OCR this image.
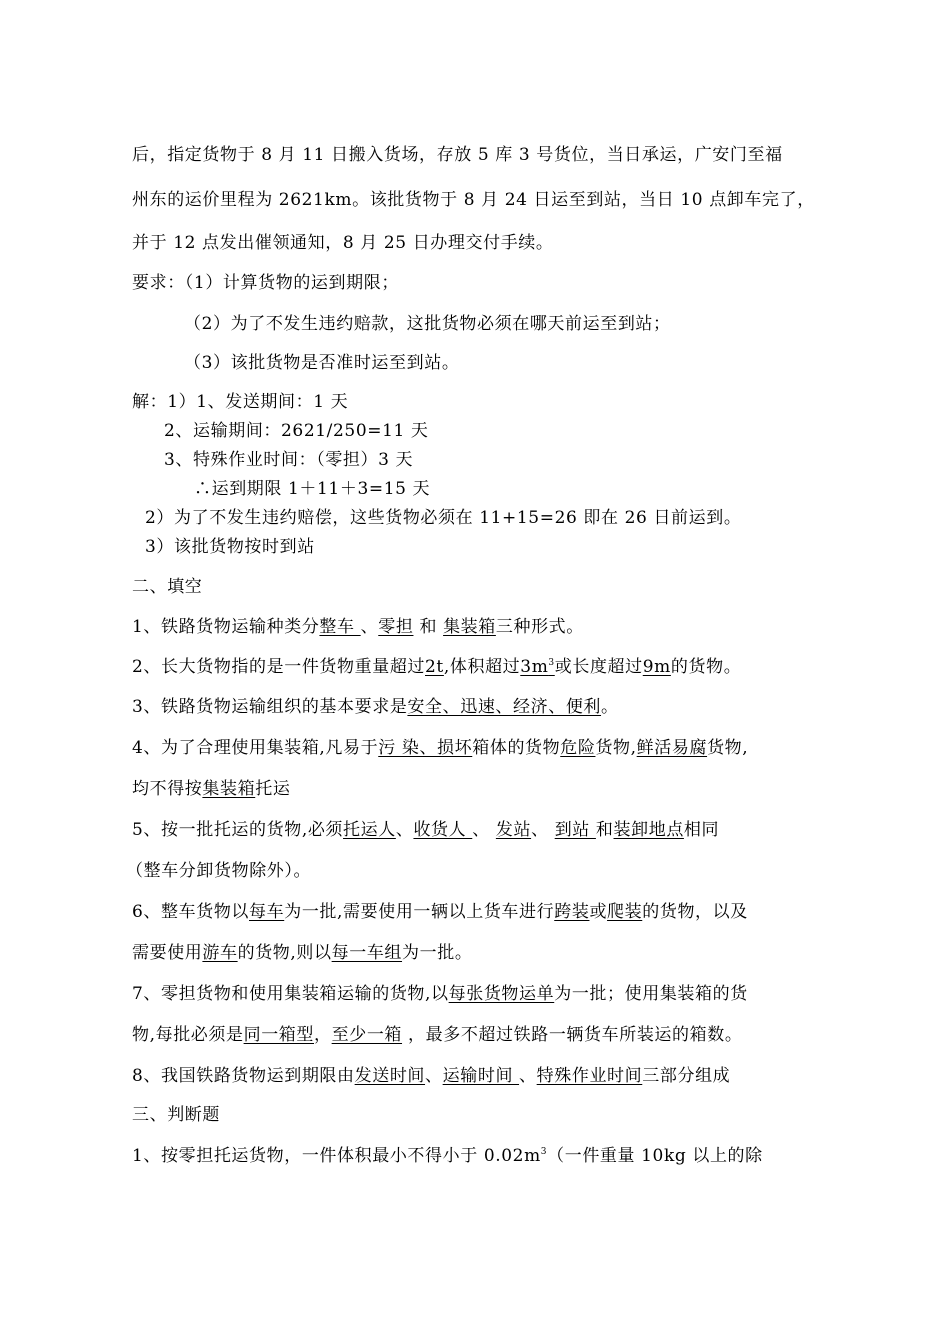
后，指定货物于 8 月 11 日搬入货场，存放 5 库 3 号货位，当日承运，广安门至福
州东的运价里程为 2621km。该批货物于 8 月 24 日运至到站，当日 10 点卸车完了，
并于 12 点发出催领通知，8 月 25 日办理交付手续。
要求：（1）计算货物的运到期限；
（2）为了不发生违约赔款，这批货物必须在哪天前运至到站；
（3）该批货物是否准时运至到站。
解：1）1、发送期间：1 天
2、运输期间：2621/250=11 天
3、特殊作业时间：（零担）3 天
∴运到期限 1＋11＋3=15 天
2）为了不发生违约赔偿，这些货物必须在 11+15=26 即在 26 日前运到。
3）该批货物按时到站
二、填空
1、铁路货物运输种类分整车 、零担 和 集装箱三种形式。
2、长大货物指的是一件货物重量超过2t,体积超过$3m^3$或长度超过9m的货物。
3、铁路货物运输组织的基本要求是安全、迅速、经济、便利。
4、为了合理使用集装箱,凡易于污 染、损坏箱体的货物危险货物,鲜活易腐货物,
均不得按集装箱托运
5、按一批托运的货物,必须托运人、收货人 、 发站、 到站 和装卸地点相同
（整车分卸货物除外）。
6、整车货物以每车为一批,需要使用一辆以上货车进行跨装或爬装的货物，以及
需要使用游车的货物,则以每一车组为一批。
7、零担货物和使用集装箱运输的货物,以每张货物运单为一批；使用集装箱的货
物,每批必须是同一箱型，至少一箱 ，最多不超过铁路一辆货车所装运的箱数。
8、我国铁路货物运到期限由发送时间、运输时间 、特殊作业时间三部分组成
三、判断题
1、按零担托运货物，一件体积最小不得小于 $0.02m^3$（一件重量 10kg 以上的除
